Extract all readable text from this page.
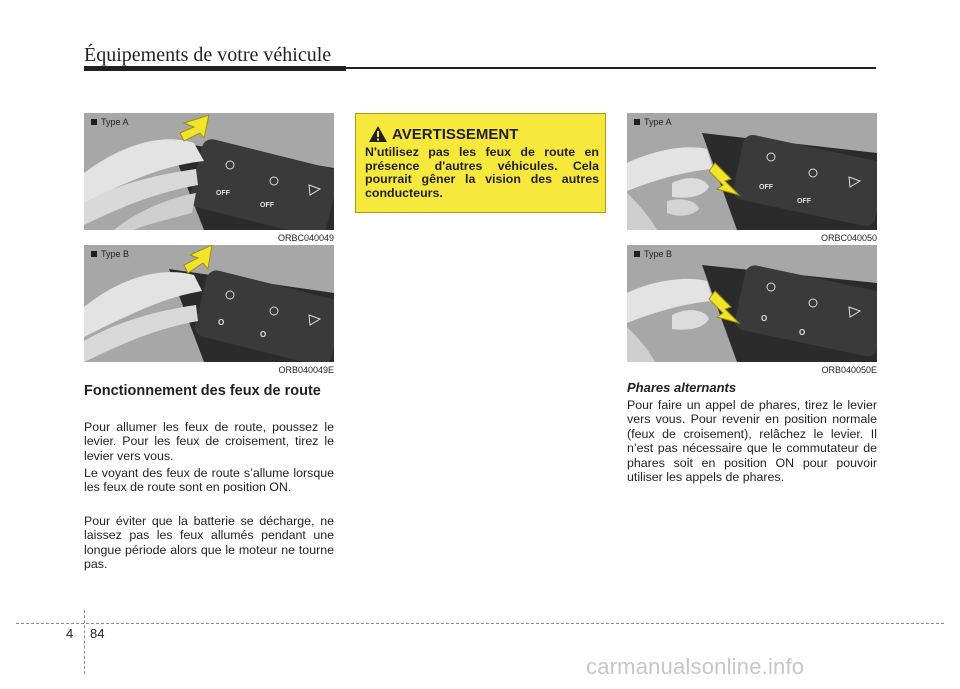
Équipements de votre véhicule
OFF
OFF
Type A
ORBC040049
O
O
Type B
ORB040049E
AVERTISSEMENT
N'utilisez pas les feux de route en présence d'autres véhicules. Cela pourrait gêner la vision des autres conducteurs.	OFF
OFF
Type A
ORBC040050
O
O
Type B
ORB040050E
Fonctionnement des feux de route
Pour allumer les feux de route, poussez le levier. Pour les feux de croisement, tirez le levier vers vous.
Le voyant des feux de route s’allume lorsque les feux de route sont en position ON.
Pour éviter que la batterie se décharge, ne laissez pas les feux allumés pendant une longue période alors que le moteur ne tourne pas.
Phares alternants
Pour faire un appel de phares, tirez le levier vers vous. Pour revenir en position normale (feux de croisement), relâchez le levier. Il n’est pas nécessaire que le commutateur de phares soit en position ON pour pouvoir utiliser les appels de phares.
4 84
carmanualsonline.info
